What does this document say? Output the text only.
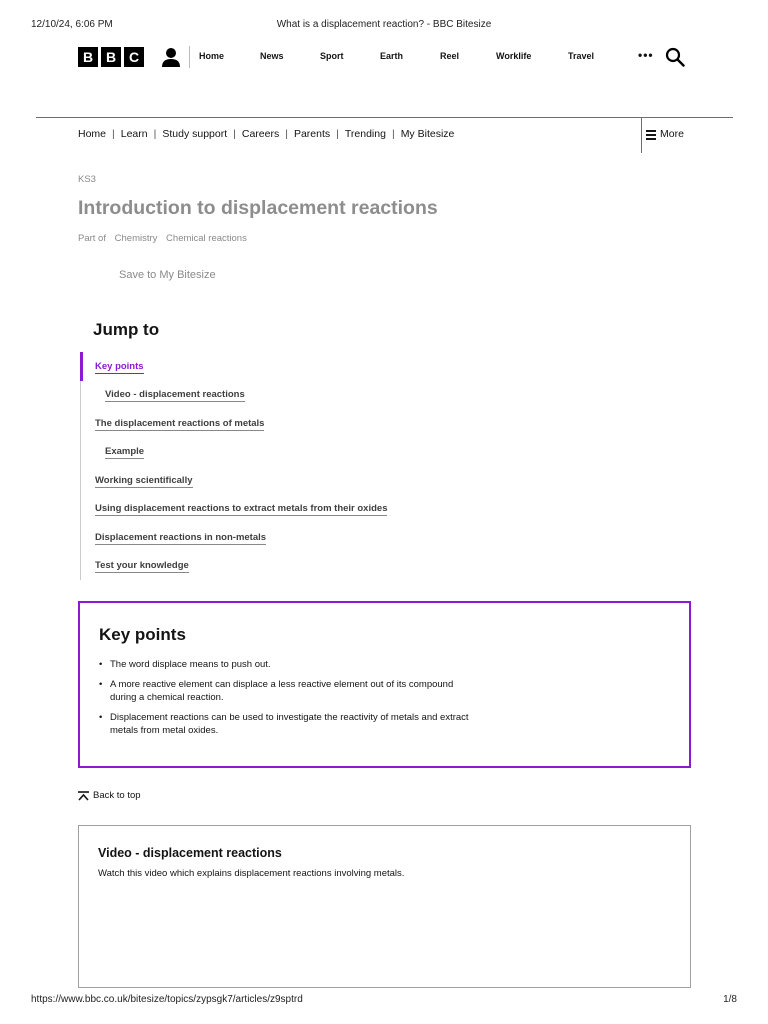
12/10/24, 6:06 PM	What is a displacement reaction? - BBC Bitesize
B B C	Home	News	Sport	Earth	Reel	Worklife	Travel	•••
Home | Learn | Study support | Careers | Parents | Trending | My Bitesize	More
KS3
Introduction to displacement reactions
Part of Chemistry Chemical reactions
Save to My Bitesize
Jump to
Key points
Video - displacement reactions
The displacement reactions of metals
Example
Working scientifically
Using displacement reactions to extract metals from their oxides
Displacement reactions in non-metals
Test your knowledge
Key points
• The word displace means to push out.
• A more reactive element can displace a less reactive element out of its compound during a chemical reaction.
• Displacement reactions can be used to investigate the reactivity of metals and extract metals from metal oxides.
Back to top
Video - displacement reactions

Watch this video which explains displacement reactions involving metals.

https://www.bbc.co.uk/bitesize/topics/zypsgk7/articles/z9sptrd	1/8
